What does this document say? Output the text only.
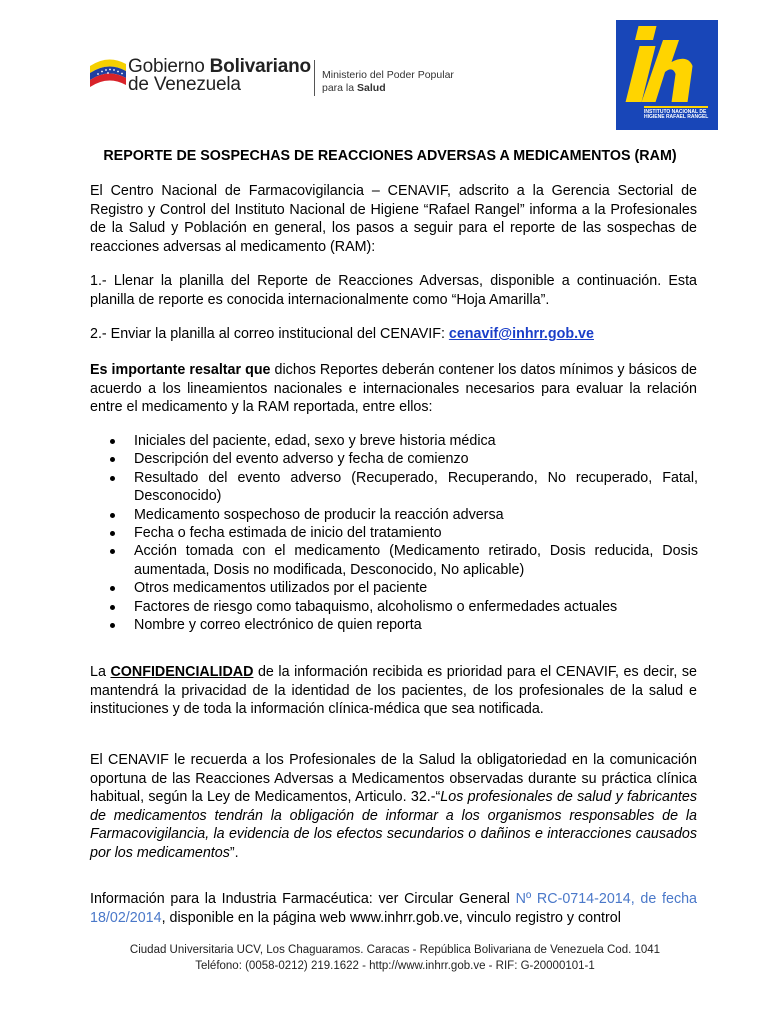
Gobierno Bolivariano
de Venezuela	Ministerio del Poder Popular
para la Salud
INSTITUTO NACIONAL DE HIGIENE RAFAEL RANGEL
REPORTE DE SOSPECHAS DE REACCIONES ADVERSAS A MEDICAMENTOS (RAM)

El Centro Nacional de Farmacovigilancia – CENAVIF, adscrito a la Gerencia Sectorial de Registro y Control del Instituto Nacional de Higiene “Rafael Rangel” informa a la Profesionales de la Salud y Población en general, los pasos a seguir para el reporte de las sospechas de reacciones adversas al medicamento (RAM):

1.- Llenar la planilla del Reporte de Reacciones Adversas, disponible a continuación. Esta planilla de reporte es conocida internacionalmente como “Hoja Amarilla”.

2.- Enviar la planilla al correo institucional del CENAVIF: cenavif@inhrr.gob.ve

Es importante resaltar que dichos Reportes deberán contener los datos mínimos y básicos de acuerdo a los lineamientos nacionales e internacionales necesarios para evaluar la relación entre el medicamento y la RAM reportada, entre ellos:

Iniciales del paciente, edad, sexo y breve historia médica
Descripción del evento adverso y fecha de comienzo
Resultado del evento adverso (Recuperado, Recuperando, No recuperado, Fatal, Desconocido)
Medicamento sospechoso de producir la reacción adversa
Fecha o fecha estimada de inicio del tratamiento
Acción tomada con el medicamento (Medicamento retirado, Dosis reducida, Dosis aumentada, Dosis no modificada, Desconocido, No aplicable)
Otros medicamentos utilizados por el paciente
Factores de riesgo como tabaquismo, alcoholismo o enfermedades actuales
Nombre y correo electrónico de quien reporta

La CONFIDENCIALIDAD de la información recibida es prioridad para el CENAVIF, es decir, se mantendrá la privacidad de la identidad de los pacientes, de los profesionales de la salud e instituciones y de toda la información clínica-médica que sea notificada.

El CENAVIF le recuerda a los Profesionales de la Salud la obligatoriedad en la comunicación oportuna de las Reacciones Adversas a Medicamentos observadas durante su práctica clínica habitual, según la Ley de Medicamentos, Articulo. 32.-“Los profesionales de salud y fabricantes de medicamentos tendrán la obligación de informar a los organismos responsables de la Farmacovigilancia, la evidencia de los efectos secundarios o dañinos e interacciones causados por los medicamentos”.

Información para la Industria Farmacéutica: ver Circular General Nº RC-0714-2014, de fecha 18/02/2014, disponible en la página web www.inhrr.gob.ve, vinculo registro y control

Ciudad Universitaria UCV, Los Chaguaramos. Caracas - República Bolivariana de Venezuela Cod. 1041
Teléfono: (0058-0212) 219.1622 - http://www.inhrr.gob.ve - RIF: G-20000101-1
